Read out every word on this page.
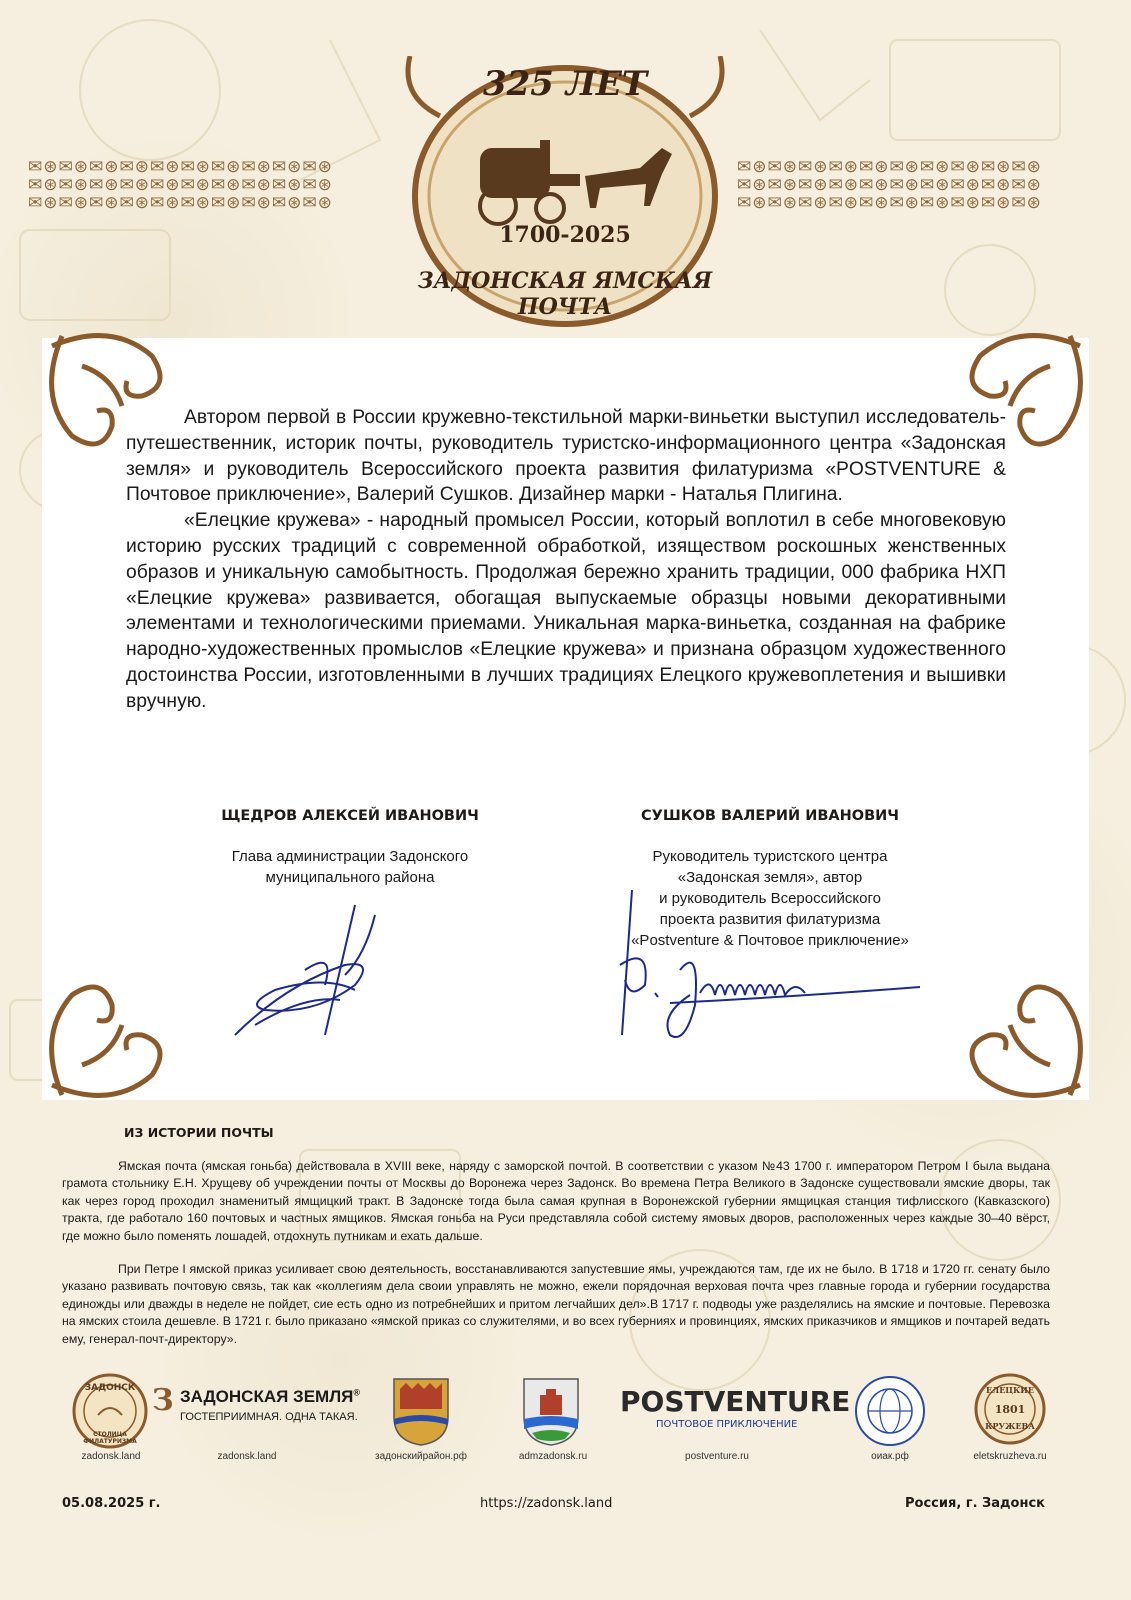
✉⊛✉⊛✉⊛✉⊛✉⊛✉⊛✉⊛✉⊛✉⊛✉⊛
✉⊛✉⊛✉⊛✉⊛✉⊛✉⊛✉⊛✉⊛✉⊛✉⊛
✉⊛✉⊛✉⊛✉⊛✉⊛✉⊛✉⊛✉⊛✉⊛✉⊛
✉⊛✉⊛✉⊛✉⊛✉⊛✉⊛✉⊛✉⊛✉⊛✉⊛
✉⊛✉⊛✉⊛✉⊛✉⊛✉⊛✉⊛✉⊛✉⊛✉⊛
✉⊛✉⊛✉⊛✉⊛✉⊛✉⊛✉⊛✉⊛✉⊛✉⊛
325 ЛЕТ
1700-2025
ЗАДОНСКАЯ ЯМСКАЯ ПОЧТА

Автором первой в России кружевно-текстильной марки-виньетки выступил исследователь-путешественник, историк почты, руководитель туристско-информационного центра «Задонская земля» и руководитель Всероссийского проекта развития филатуризма «POSTVENTURE & Почтовое приключение», Валерий Сушков. Дизайнер марки - Наталья Плигина.

«Елецкие кружева» - народный промысел России, который воплотил в себе многовековую историю русских традиций с современной обработкой, изяществом роскошных женственных образов и уникальную самобытность. Продолжая бережно хранить традиции, 000 фабрика НХП «Елецкие кружева» развивается, обогащая выпускаемые образцы новыми декоративными элементами и технологическими приемами. Уникальная марка-виньетка, созданная на фабрике народно-художественных промыслов «Елецкие кружева» и признана образцом художественного достоинства России, изготовленными в лучших традициях Елецкого кружевоплетения и вышивки вручную.

ЩЕДРОВ АЛЕКСЕЙ ИВАНОВИЧ
Глава администрации Задонского
муниципального района
СУШКОВ ВАЛЕРИЙ ИВАНОВИЧ
Руководитель туристского центра
«Задонская земля», автор
и руководитель Всероссийского
проекта развития филатуризма
«Postventure & Почтовое приключение»
ИЗ ИСТОРИИ ПОЧТЫ

Ямская почта (ямская гоньба) действовала в XVIII веке, наряду с заморской почтой. В соответствии с указом №43 1700 г. императором Петром I была выдана грамота стольнику Е.Н. Хрущеву об учреждении почты от Москвы до Воронежа через Задонск. Во времена Петра Великого в Задонске существовали ямские дворы, так как через город проходил знаменитый ямщицкий тракт. В Задонске тогда была самая крупная в Воронежской губернии ямщицкая станция тифлисского (Кавказского) тракта, где работало 160 почтовых и частных ямщиков. Ямская гоньба на Руси представляла собой систему ямовых дворов, расположенных через каждые 30–40 вёрст, где можно было поменять лошадей, отдохнуть путникам и ехать дальше.

При Петре I ямской приказ усиливает свою деятельность, восстанавливаются запустевшие ямы, учреждаются там, где их не было. В 1718 и 1720 гг. сенату было указано развивать почтовую связь, так как «коллегиям дела своии управлять не можно, ежели порядочная верховая почта чрез главные города и губернии государства единожды или дважды в неделе не пойдет, сие есть одно из потребнейших и притом легчайших дел».В 1717 г. подводы уже разделялись на ямские и почтовые. Перевозка на ямских стоила дешевле. В 1721 г. было приказано «ямской приказ со служителями, и во всех губерниях и провинциях, ямских приказчиков и ямщиков и почтарей ведать ему, генерал-почт-директору».

ЗАДОНСК
СТОЛИЦА ФИЛАТУРИЗМА
zadonsk.land
З ЗАДОНСКАЯ ЗЕМЛЯ®
ГОСТЕПРИИМНАЯ. ОДНА ТАКАЯ.
zadonsk.land	задонскийрайон.рф	admzadonsk.ru
POSTVENTURE
ПОЧТОВОЕ ПРИКЛЮЧЕНИЕ
postventure.ru	оиак.рф
ЕЛЕЦКИЕ
1801
КРУЖЕВА
eletskruzheva.ru
05.08.2025 г.	https://zadonsk.land	Россия, г. Задонск
